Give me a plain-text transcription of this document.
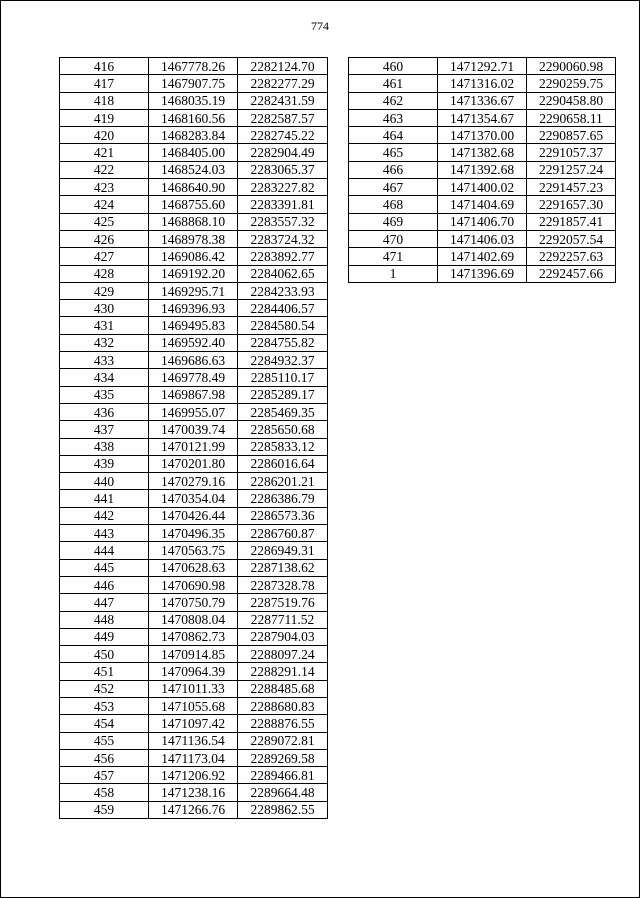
774
416	1467778.26	2282124.70
417	1467907.75	2282277.29
418	1468035.19	2282431.59
419	1468160.56	2282587.57
420	1468283.84	2282745.22
421	1468405.00	2282904.49
422	1468524.03	2283065.37
423	1468640.90	2283227.82
424	1468755.60	2283391.81
425	1468868.10	2283557.32
426	1468978.38	2283724.32
427	1469086.42	2283892.77
428	1469192.20	2284062.65
429	1469295.71	2284233.93
430	1469396.93	2284406.57
431	1469495.83	2284580.54
432	1469592.40	2284755.82
433	1469686.63	2284932.37
434	1469778.49	2285110.17
435	1469867.98	2285289.17
436	1469955.07	2285469.35
437	1470039.74	2285650.68
438	1470121.99	2285833.12
439	1470201.80	2286016.64
440	1470279.16	2286201.21
441	1470354.04	2286386.79
442	1470426.44	2286573.36
443	1470496.35	2286760.87
444	1470563.75	2286949.31
445	1470628.63	2287138.62
446	1470690.98	2287328.78
447	1470750.79	2287519.76
448	1470808.04	2287711.52
449	1470862.73	2287904.03
450	1470914.85	2288097.24
451	1470964.39	2288291.14
452	1471011.33	2288485.68
453	1471055.68	2288680.83
454	1471097.42	2288876.55
455	1471136.54	2289072.81
456	1471173.04	2289269.58
457	1471206.92	2289466.81
458	1471238.16	2289664.48
459	1471266.76	2289862.55
460	1471292.71	2290060.98
461	1471316.02	2290259.75
462	1471336.67	2290458.80
463	1471354.67	2290658.11
464	1471370.00	2290857.65
465	1471382.68	2291057.37
466	1471392.68	2291257.24
467	1471400.02	2291457.23
468	1471404.69	2291657.30
469	1471406.70	2291857.41
470	1471406.03	2292057.54
471	1471402.69	2292257.63
1	1471396.69	2292457.66
